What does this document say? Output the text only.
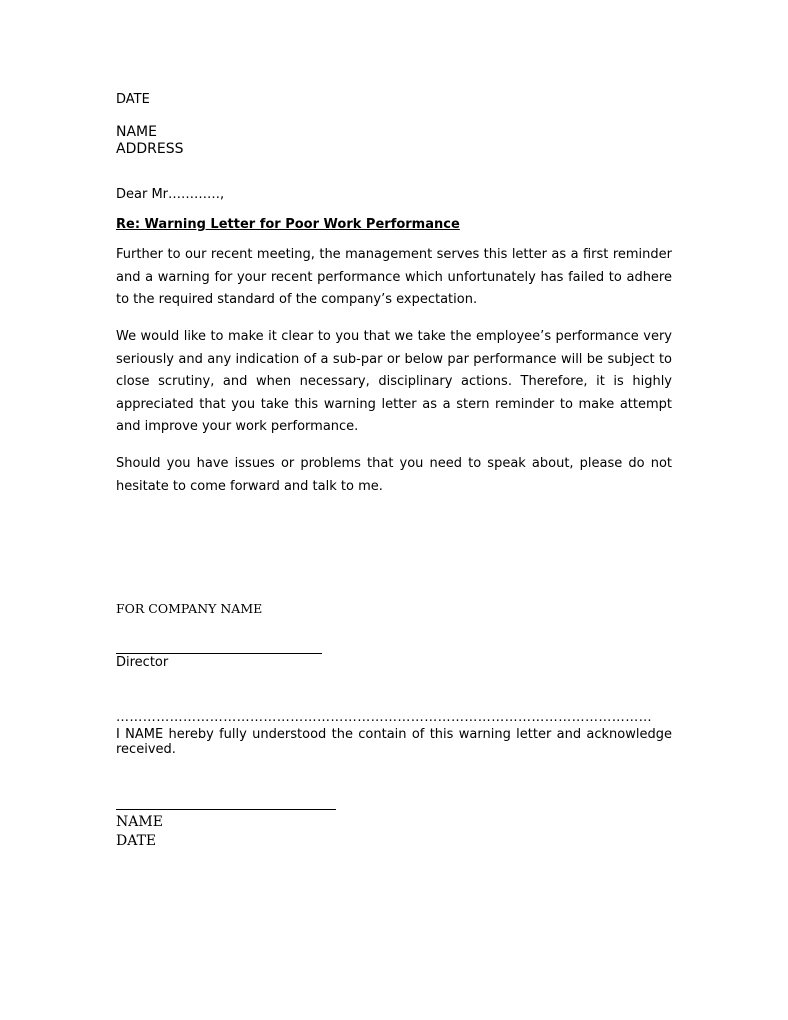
DATE
NAME
ADDRESS
Dear Mr…………,
Re: Warning Letter for Poor Work Performance
Further to our recent meeting, the management serves this letter as a first reminder and a warning for your recent performance which unfortunately has failed to adhere to the required standard of the company’s expectation.
We would like to make it clear to you that we take the employee’s performance very seriously and any indication of a sub-par or below par performance will be subject to close scrutiny, and when necessary, disciplinary actions. Therefore, it is highly appreciated that you take this warning letter as a stern reminder to make attempt and improve your work performance.
Should you have issues or problems that you need to speak about, please do not hesitate to come forward and talk to me.
FOR COMPANY NAME
Director
…………………………………………………………………………………………………………
I NAME hereby fully understood the contain of this warning letter and acknowledge received.
NAME
DATE
